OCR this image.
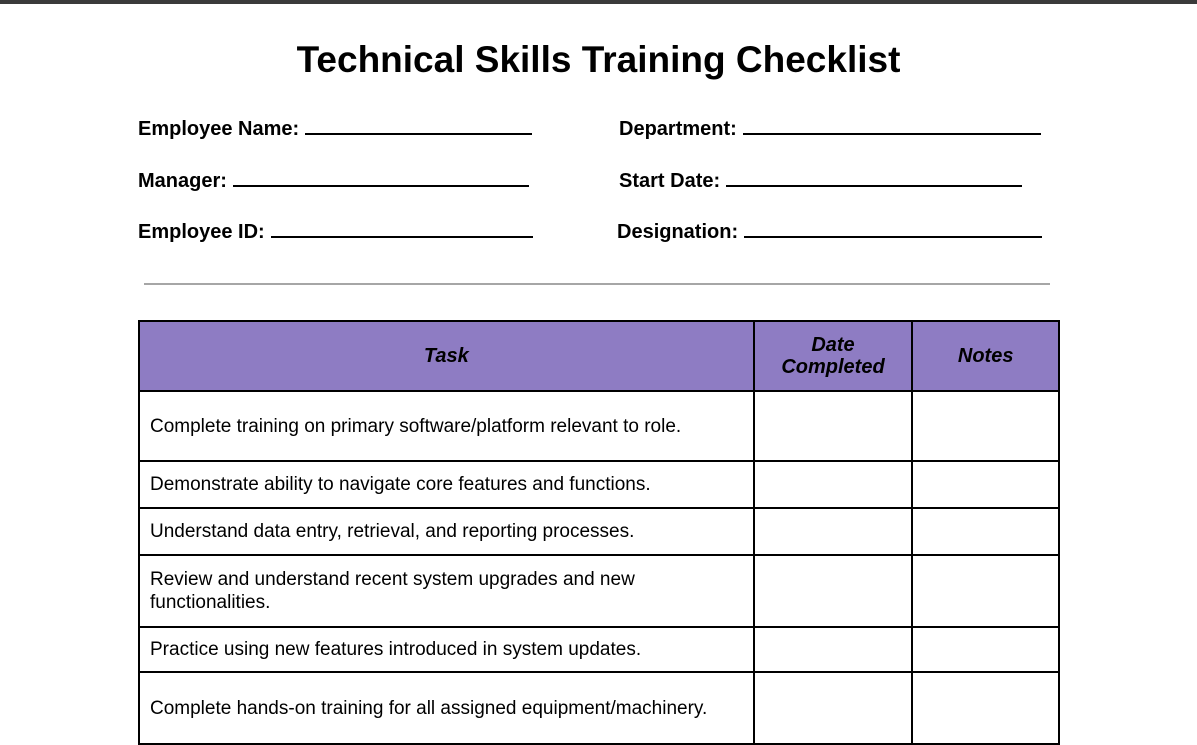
Technical Skills Training Checklist
Employee Name:	Department:
Manager:	Start Date:
Employee ID:	Designation:
Task	Date Completed	Notes
Complete training on primary software/platform relevant to role.		
Demonstrate ability to navigate core features and functions.		
Understand data entry, retrieval, and reporting processes.		
Review and understand recent system upgrades and new functionalities.		
Practice using new features introduced in system updates.		
Complete hands-on training for all assigned equipment/machinery.		
